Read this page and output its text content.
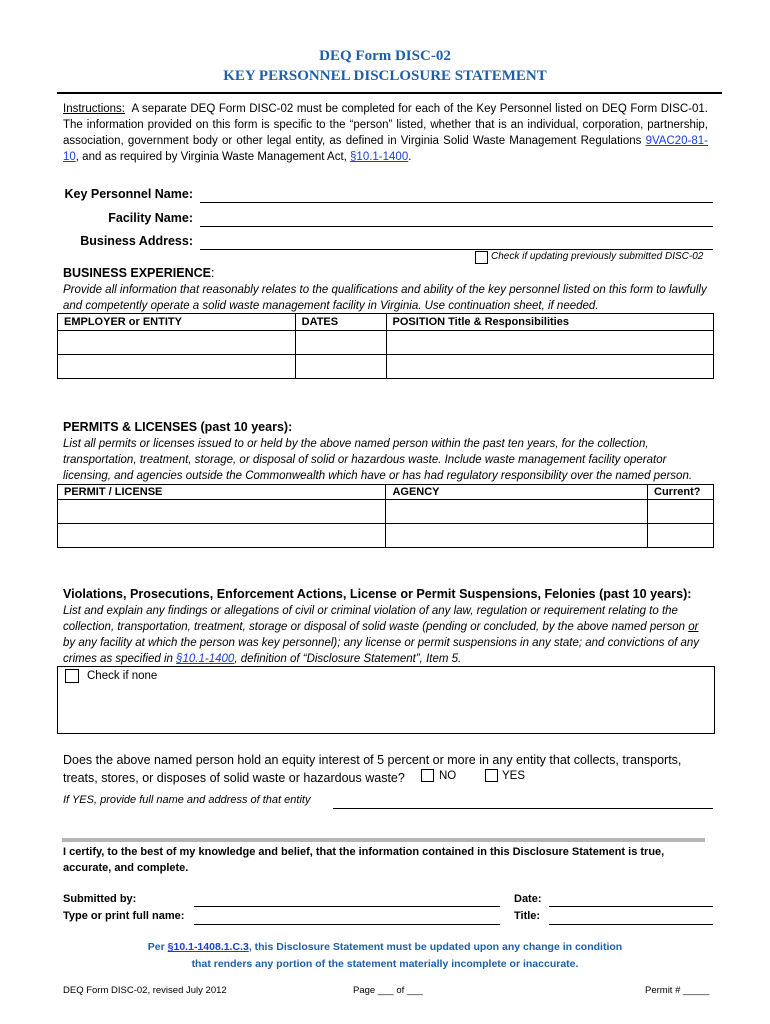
DEQ Form DISC-02
KEY PERSONNEL DISCLOSURE STATEMENT
Instructions: A separate DEQ Form DISC-02 must be completed for each of the Key Personnel listed on DEQ Form DISC-01. The information provided on this form is specific to the “person” listed, whether that is an individual, corporation, partnership, association, government body or other legal entity, as defined in Virginia Solid Waste Management Regulations 9VAC20-81-10, and as required by Virginia Waste Management Act, §10.1-1400.
Key Personnel Name:
Facility Name:
Business Address:
Check if updating previously submitted DISC-02
BUSINESS EXPERIENCE:
Provide all information that reasonably relates to the qualifications and ability of the key personnel listed on this form to lawfully and competently operate a solid waste management facility in Virginia. Use continuation sheet, if needed.
EMPLOYER or ENTITY	DATES	POSITION Title & Responsibilities

PERMITS & LICENSES (past 10 years):
List all permits or licenses issued to or held by the above named person within the past ten years, for the collection, transportation, treatment, storage, or disposal of solid or hazardous waste. Include waste management facility operator licensing, and agencies outside the Commonwealth which have or has had regulatory responsibility over the named person.
PERMIT / LICENSE	AGENCY	Current?

Violations, Prosecutions, Enforcement Actions, License or Permit Suspensions, Felonies (past 10 years):
List and explain any findings or allegations of civil or criminal violation of any law, regulation or requirement relating to the collection, transportation, treatment, storage or disposal of solid waste (pending or concluded, by the above named person or by any facility at which the person was key personnel); any license or permit suspensions in any state; and convictions of any crimes as specified in §10.1-1400, definition of “Disclosure Statement”, Item 5.
Check if none
Does the above named person hold an equity interest of 5 percent or more in any entity that collects, transports, treats, stores, or disposes of solid waste or hazardous waste?	NO	YES
If YES, provide full name and address of that entity
I certify, to the best of my knowledge and belief, that the information contained in this Disclosure Statement is true, accurate, and complete.
Submitted by:
Type or print full name:
Date:
Title:
Per §10.1-1408.1.C.3, this Disclosure Statement must be updated upon any change in condition
that renders any portion of the statement materially incomplete or inaccurate.
DEQ Form DISC-02, revised July 2012	Page ___ of ___	Permit # _____
